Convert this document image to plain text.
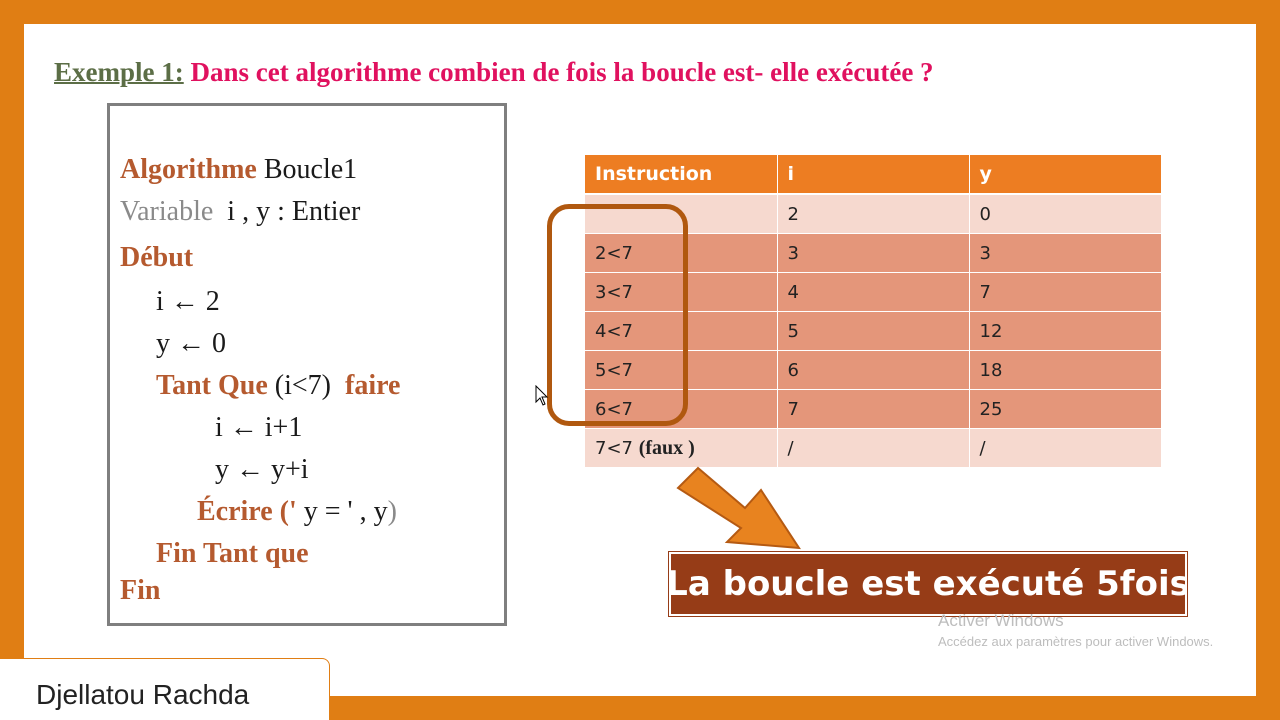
Exemple 1: Dans cet algorithme combien de fois la boucle est- elle exécutée ?
Algorithme Boucle1
Variable  i , y : Entier
Début
i ← 2
y ← 0
Tant Que (i<7)  faire
i ← i+1
y ← y+i
Écrire (' y = ' , y)
Fin Tant que
Fin
Instruction	i	y
	2	0
2<7	3	3
3<7	4	7
4<7	5	12
5<7	6	18
6<7	7	25
7<7 (faux )	/	/
La boucle est exécuté 5fois
Activer Windows
Accédez aux paramètres pour activer Windows.
Djellatou Rachda
